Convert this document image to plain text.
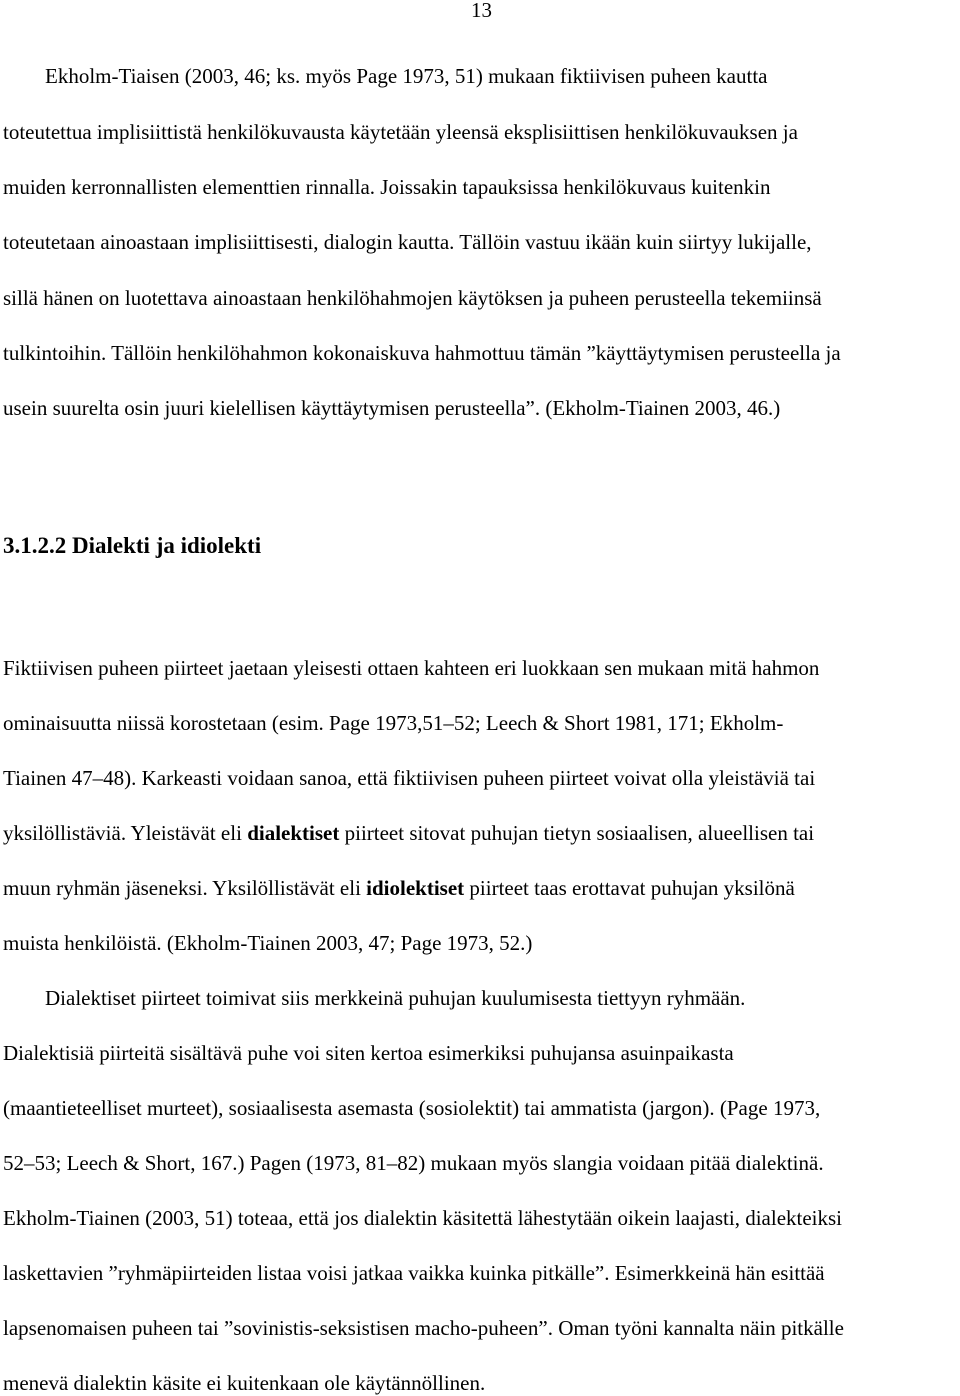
13

Ekholm-Tiaisen (2003, 46; ks. myös Page 1973, 51) mukaan fiktiivisen puheen kautta

toteutettua implisiittistä henkilökuvausta käytetään yleensä eksplisiittisen henkilökuvauksen ja

muiden kerronnallisten elementtien rinnalla. Joissakin tapauksissa henkilökuvaus kuitenkin

toteutetaan ainoastaan implisiittisesti, dialogin kautta. Tällöin vastuu ikään kuin siirtyy lukijalle,

sillä hänen on luotettava ainoastaan henkilöhahmojen käytöksen ja puheen perusteella tekemiinsä

tulkintoihin. Tällöin henkilöhahmon kokonaiskuva hahmottuu tämän ”käyttäytymisen perusteella ja

usein suurelta osin juuri kielellisen käyttäytymisen perusteella”. (Ekholm-Tiainen 2003, 46.)

3.1.2.2 Dialekti ja idiolekti

Fiktiivisen puheen piirteet jaetaan yleisesti ottaen kahteen eri luokkaan sen mukaan mitä hahmon

ominaisuutta niissä korostetaan (esim. Page 1973,51–52; Leech & Short 1981, 171; Ekholm-

Tiainen 47–48). Karkeasti voidaan sanoa, että fiktiivisen puheen piirteet voivat olla yleistäviä tai

yksilöllistäviä. Yleistävät eli dialektiset piirteet sitovat puhujan tietyn sosiaalisen, alueellisen tai

muun ryhmän jäseneksi. Yksilöllistävät eli idiolektiset piirteet taas erottavat puhujan yksilönä

muista henkilöistä. (Ekholm-Tiainen 2003, 47; Page 1973, 52.)

Dialektiset piirteet toimivat siis merkkeinä puhujan kuulumisesta tiettyyn ryhmään.

Dialektisiä piirteitä sisältävä puhe voi siten kertoa esimerkiksi puhujansa asuinpaikasta

(maantieteelliset murteet), sosiaalisesta asemasta (sosiolektit) tai ammatista (jargon). (Page 1973,

52–53; Leech & Short, 167.) Pagen (1973, 81–82) mukaan myös slangia voidaan pitää dialektinä.

Ekholm-Tiainen (2003, 51) toteaa, että jos dialektin käsitettä lähestytään oikein laajasti, dialekteiksi

laskettavien ”ryhmäpiirteiden listaa voisi jatkaa vaikka kuinka pitkälle”. Esimerkkeinä hän esittää

lapsenomaisen puheen tai ”sovinistis-seksistisen macho-puheen”. Oman työni kannalta näin pitkälle

menevä dialektin käsite ei kuitenkaan ole käytännöllinen.
